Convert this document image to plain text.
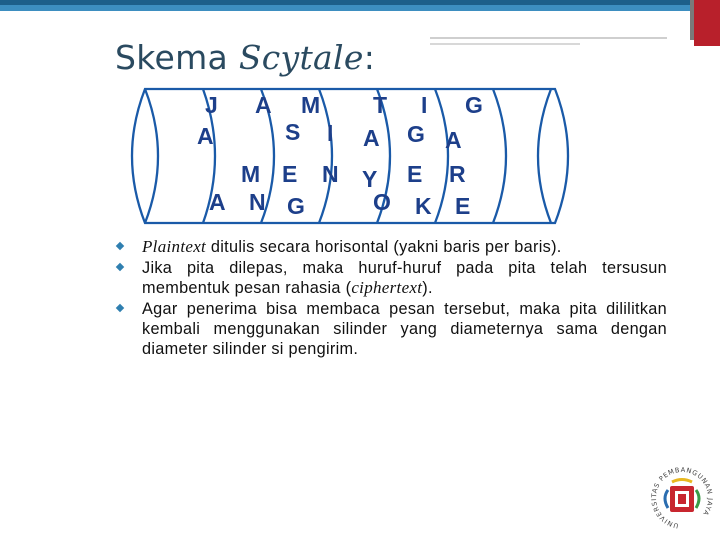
Skema Scytale:
J A M T I G
A	S I A G A
M E N Y E R
A N G	O K E
Plaintext ditulis secara horisontal (yakni baris per baris).
Jika pita dilepas, maka huruf-huruf pada pita telah tersusun membentuk pesan rahasia (ciphertext).
Agar penerima bisa membaca pesan tersebut, maka pita dililitkan kembali menggunakan silinder yang diameternya sama dengan diameter silinder si pengirim.
UNIVERSITAS PEMBANGUNAN JAYA
